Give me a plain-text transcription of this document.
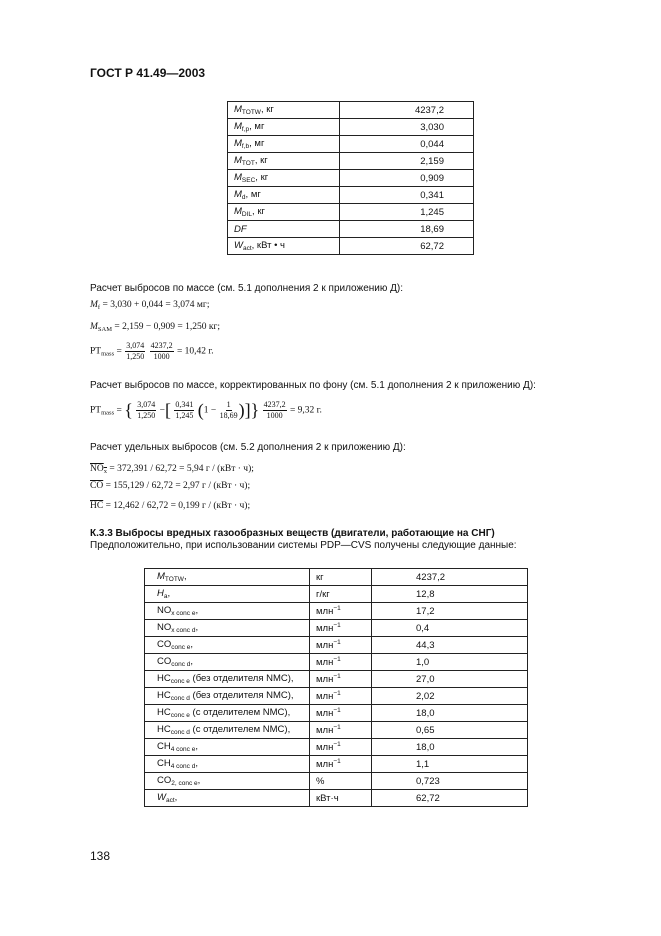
ГОСТ Р 41.49—2003
$M_{TOTW}$, кг	4237,2
$M_{f,p}$, мг	3,030
$M_{f,b}$, мг	0,044
$M_{TOT}$, кг	2,159
$M_{SEC}$, кг	0,909
$M_d$, мг	0,341
$M_{DIL}$, кг	1,245
DF	18,69
$W_{act}$, кВт • ч	62,72
Расчет выбросов по массе (см. 5.1 дополнения 2 к приложению Д):
$M_f = 3,030 + 0,044 = 3,074$ мг;
$M_{SAM} = 2,159 - 0,909 = 1,250$ кг;
$PT_{mass} = \frac{3,074}{1,250}$
$\frac{4237,2}{1000} = 10,42$ г.
Расчет выбросов по массе, корректированных по фону (см. 5.1 дополнения 2 к приложению Д):
$PT_{mass}$ = { $\frac{3,074}{1,250}$ −[ $\frac{0,341}{1,245} (1 - \frac{1}{18,69}$ )]} $\frac{4237,2}{1000} = 9,32$ г.
Расчет удельных выбросов (см. 5.2 дополнения 2 к приложению Д):
$NO_x = 372,391 / 62,72 = 5,94$ г / (кВт · ч);
$\overline{CO} = 155,129 / 62,72 = 2,97$ г / (кВт · ч);
$\overline{HC} = 12,462 / 62,72 = 0,199$ г / (кВт · ч);
К.3.3 Выбросы вредных газообразных веществ (двигатели, работающие на СНГ)
Предположительно, при использовании системы PDP—CVS получены следующие данные:
$M_{TOTW}$,	кг	4237,2
$H_a$,	г/кг	12,8
$NO_{x conc e}$,	млн$^{-1}$	17,2
$NO_{x conc d}$,	млн$^{-1}$	0,4
$CO_{conc e}$,	млн$^{-1}$	44,3
$CO_{conc d}$,	млн$^{-1}$	1,0
$HC_{conc e}$ (без отделителя NMC),	млн$^{-1}$	27,0
$HC_{conc d}$ (без отделителя NMC),	млн$^{-1}$	2,02
$HC_{conc e}$ (с отделителем NMC),	млн$^{-1}$	18,0
$HC_{conc d}$ (с отделителем NMC),	млн$^{-1}$	0,65
$CH_{4 conc e}$,	млн$^{-1}$	18,0
$CH_{4 conc d}$,	млн$^{-1}$	1,1
$CO_{2, conc e}$,	%	0,723
$W_{act}$,	кВт·ч	62,72
138
